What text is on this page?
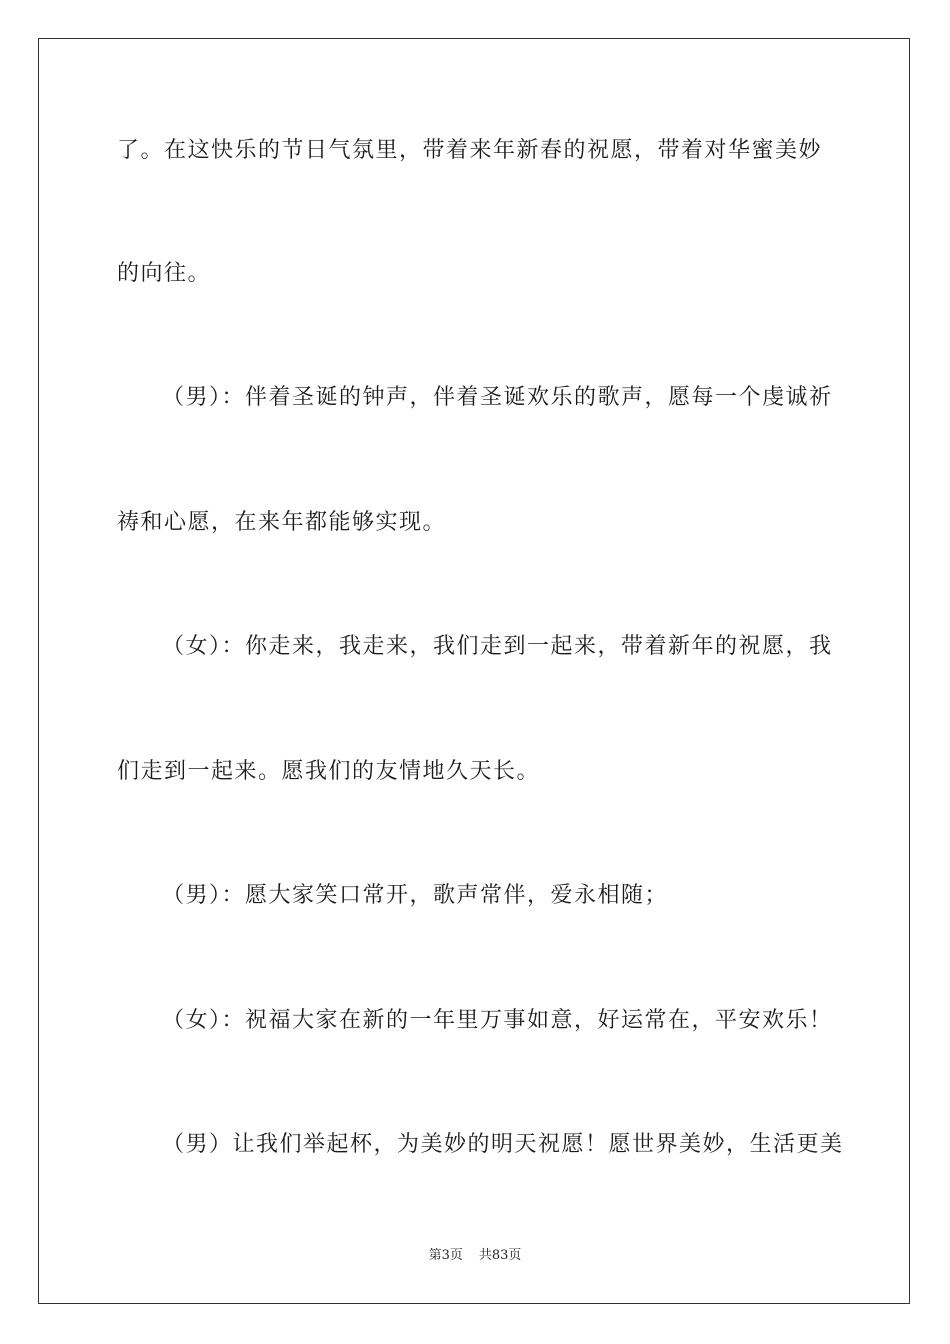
了。在这快乐的节日气氛里，带着来年新春的祝愿，带着对华蜜美妙
的向往。
（男）：伴着圣诞的钟声，伴着圣诞欢乐的歌声，愿每一个虔诚祈
祷和心愿，在来年都能够实现。
（女）：你走来，我走来，我们走到一起来，带着新年的祝愿，我
们走到一起来。愿我们的友情地久天长。
（男）：愿大家笑口常开，歌声常伴，爱永相随；
（女）：祝福大家在新的一年里万事如意，好运常在，平安欢乐！
（男）让我们举起杯，为美妙的明天祝愿！愿世界美妙，生活更美
第3页 共83页
